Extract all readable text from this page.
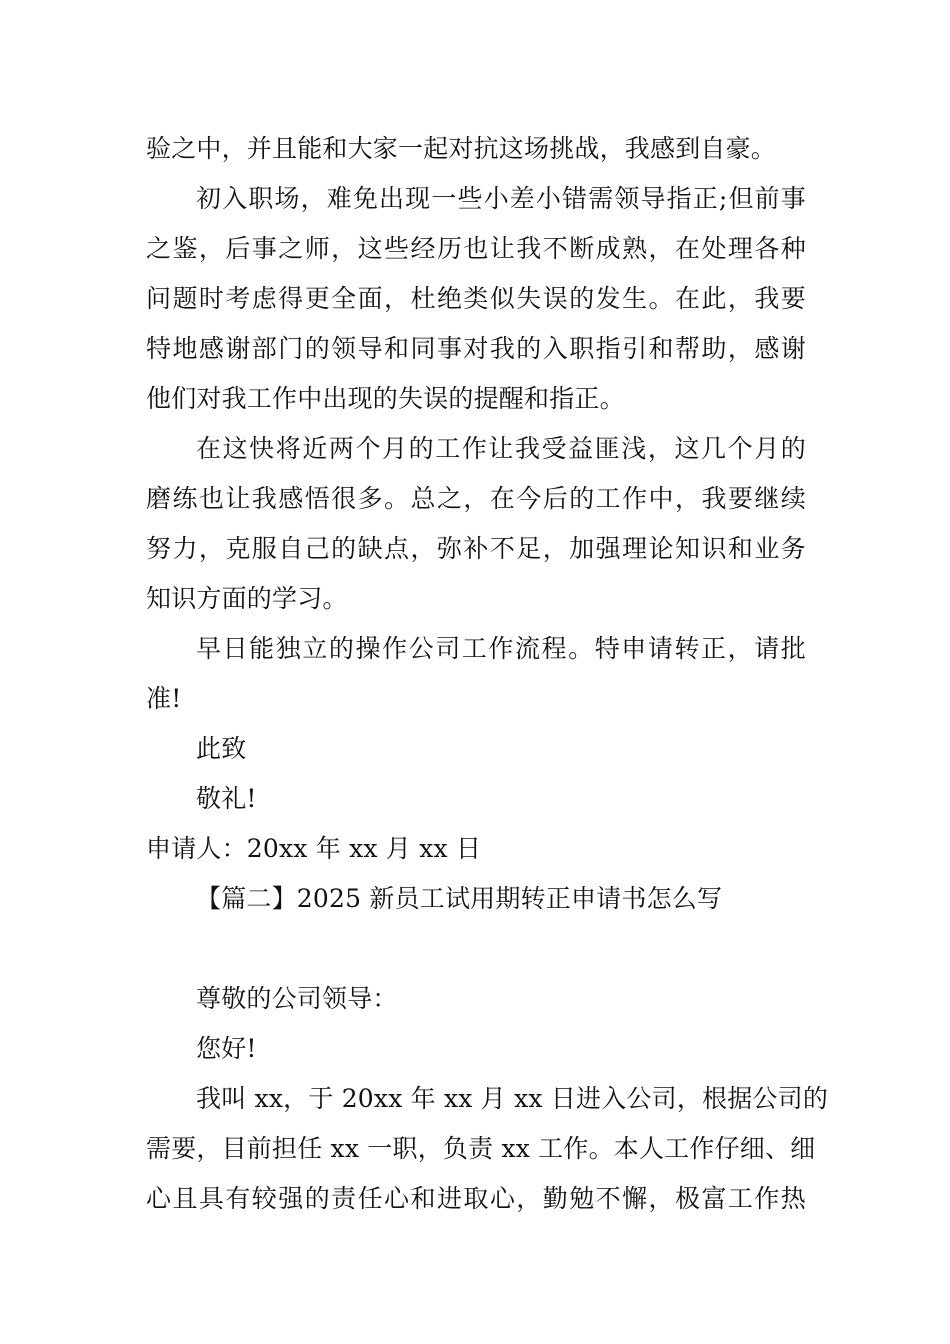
验之中，并且能和大家一起对抗这场挑战，我感到自豪。
初入职场，难免出现一些小差小错需领导指正;但前事
之鉴，后事之师，这些经历也让我不断成熟，在处理各种
问题时考虑得更全面，杜绝类似失误的发生。在此，我要
特地感谢部门的领导和同事对我的入职指引和帮助，感谢
他们对我工作中出现的失误的提醒和指正。
在这快将近两个月的工作让我受益匪浅，这几个月的
磨练也让我感悟很多。总之，在今后的工作中，我要继续
努力，克服自己的缺点，弥补不足，加强理论知识和业务
知识方面的学习。
早日能独立的操作公司工作流程。特申请转正，请批
准!
此致
敬礼!
申请人：20xx 年 xx 月 xx 日
【篇二】2025 新员工试用期转正申请书怎么写
尊敬的公司领导：
您好!
我叫 xx，于 20xx 年 xx 月 xx 日进入公司，根据公司的
需要，目前担任 xx 一职，负责 xx 工作。本人工作仔细、细
心且具有较强的责任心和进取心，勤勉不懈，极富工作热
